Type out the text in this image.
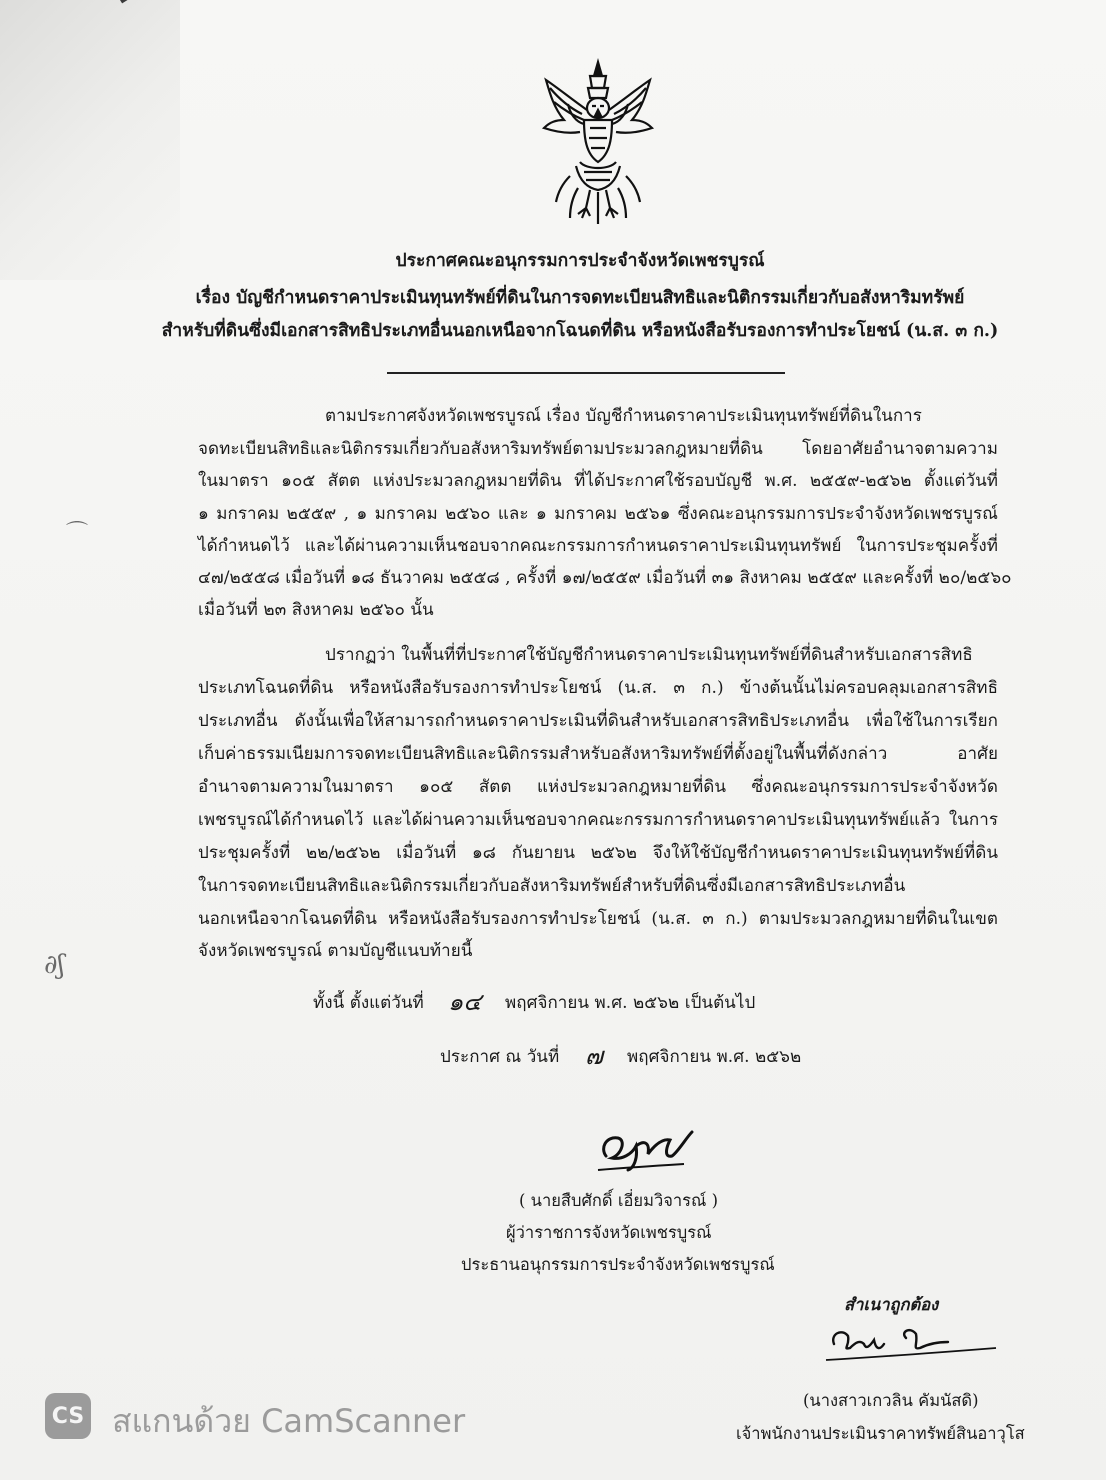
ประกาศคณะอนุกรรมการประจำจังหวัดเพชรบูรณ์
เรื่อง บัญชีกำหนดราคาประเมินทุนทรัพย์ที่ดินในการจดทะเบียนสิทธิและนิติกรรมเกี่ยวกับอสังหาริมทรัพย์
สำหรับที่ดินซึ่งมีเอกสารสิทธิประเภทอื่นนอกเหนือจากโฉนดที่ดิน หรือหนังสือรับรองการทำประโยชน์ (น.ส. ๓ ก.)
ตามประกาศจังหวัดเพชรบูรณ์ เรื่อง บัญชีกำหนดราคาประเมินทุนทรัพย์ที่ดินในการ
จดทะเบียนสิทธิและนิติกรรมเกี่ยวกับอสังหาริมทรัพย์ตามประมวลกฎหมายที่ดิน โดยอาศัยอำนาจตามความ
ในมาตรา ๑๐๕ สัตต แห่งประมวลกฎหมายที่ดิน ที่ได้ประกาศใช้รอบบัญชี พ.ศ. ๒๕๕๙-๒๕๖๒ ตั้งแต่วันที่
๑ มกราคม ๒๕๕๙ , ๑ มกราคม ๒๕๖๐ และ ๑ มกราคม ๒๕๖๑ ซึ่งคณะอนุกรรมการประจำจังหวัดเพชรบูรณ์
ได้กำหนดไว้ และได้ผ่านความเห็นชอบจากคณะกรรมการกำหนดราคาประเมินทุนทรัพย์ ในการประชุมครั้งที่
๔๗/๒๕๕๘ เมื่อวันที่ ๑๘ ธันวาคม ๒๕๕๘ , ครั้งที่ ๑๗/๒๕๕๙ เมื่อวันที่ ๓๑ สิงหาคม ๒๕๕๙ และครั้งที่ ๒๐/๒๕๖๐
เมื่อวันที่ ๒๓ สิงหาคม ๒๕๖๐ นั้น
ปรากฏว่า ในพื้นที่ที่ประกาศใช้บัญชีกำหนดราคาประเมินทุนทรัพย์ที่ดินสำหรับเอกสารสิทธิ
ประเภทโฉนดที่ดิน หรือหนังสือรับรองการทำประโยชน์ (น.ส. ๓ ก.) ข้างต้นนั้นไม่ครอบคลุมเอกสารสิทธิ
ประเภทอื่น ดังนั้นเพื่อให้สามารถกำหนดราคาประเมินที่ดินสำหรับเอกสารสิทธิประเภทอื่น เพื่อใช้ในการเรียก
เก็บค่าธรรมเนียมการจดทะเบียนสิทธิและนิติกรรมสำหรับอสังหาริมทรัพย์ที่ตั้งอยู่ในพื้นที่ดังกล่าว อาศัย
อำนาจตามความในมาตรา ๑๐๕ สัตต แห่งประมวลกฎหมายที่ดิน ซึ่งคณะอนุกรรมการประจำจังหวัด
เพชรบูรณ์ได้กำหนดไว้ และได้ผ่านความเห็นชอบจากคณะกรรมการกำหนดราคาประเมินทุนทรัพย์แล้ว ในการ
ประชุมครั้งที่ ๒๒/๒๕๖๒ เมื่อวันที่ ๑๘ กันยายน ๒๕๖๒ จึงให้ใช้บัญชีกำหนดราคาประเมินทุนทรัพย์ที่ดิน
ในการจดทะเบียนสิทธิและนิติกรรมเกี่ยวกับอสังหาริมทรัพย์สำหรับที่ดินซึ่งมีเอกสารสิทธิประเภทอื่น
นอกเหนือจากโฉนดที่ดิน หรือหนังสือรับรองการทำประโยชน์ (น.ส. ๓ ก.) ตามประมวลกฎหมายที่ดินในเขต
จังหวัดเพชรบูรณ์ ตามบัญชีแนบท้ายนี้
⌒
∂ʃ
ทั้งนี้ ตั้งแต่วันที่ ๑๔ พฤศจิกายน พ.ศ. ๒๕๖๒ เป็นต้นไป
ประกาศ ณ วันที่ ๗ พฤศจิกายน พ.ศ. ๒๕๖๒
( นายสืบศักดิ์ เอี่ยมวิจารณ์ )
ผู้ว่าราชการจังหวัดเพชรบูรณ์
ประธานอนุกรรมการประจำจังหวัดเพชรบูรณ์
สำเนาถูกต้อง
(นางสาวเกวลิน คัมนัสดิ)
เจ้าพนักงานประเมินราคาทรัพย์สินอาวุโส
CS สแกนด้วย CamScanner
